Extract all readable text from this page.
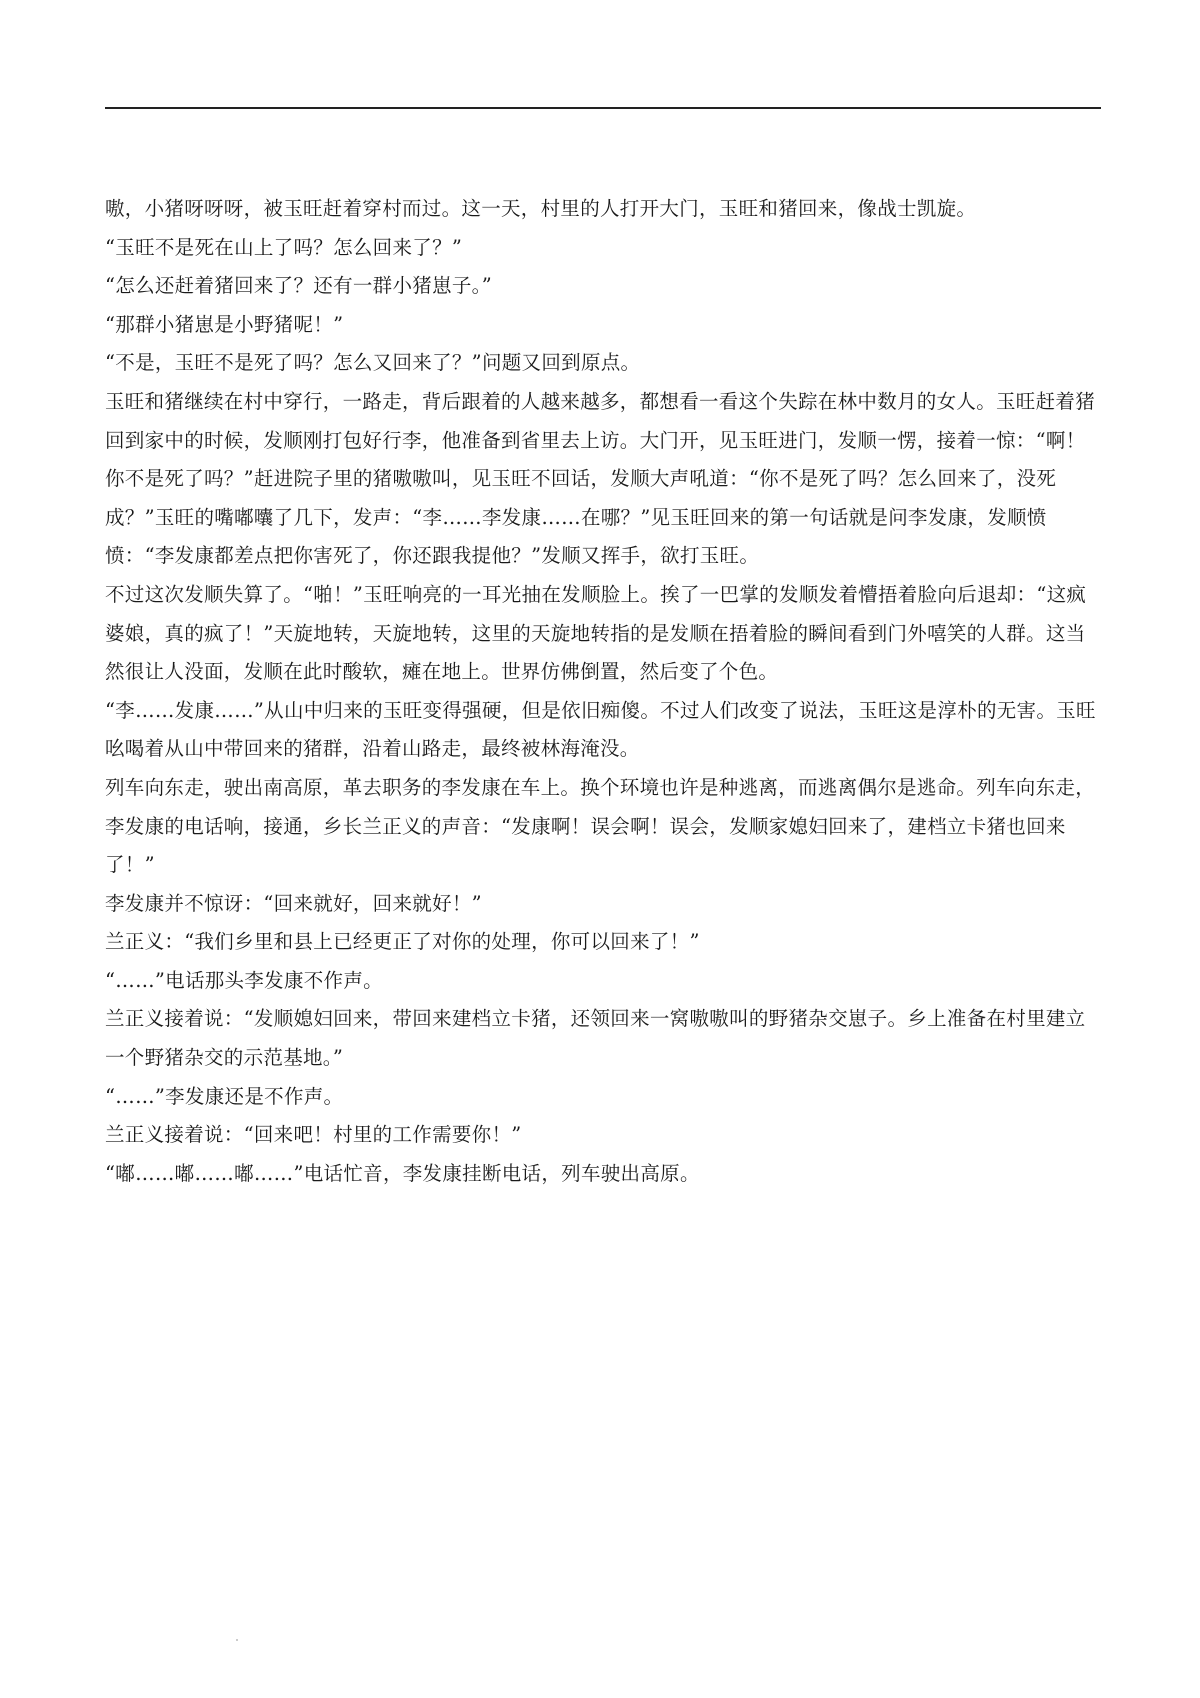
嗷，小猪呀呀呀，被玉旺赶着穿村而过。这一天，村里的人打开大门，玉旺和猪回来，像战士凯旋。

“玉旺不是死在山上了吗？怎么回来了？”

“怎么还赶着猪回来了？还有一群小猪崽子。”

“那群小猪崽是小野猪呢！”

“不是，玉旺不是死了吗？怎么又回来了？”问题又回到原点。

玉旺和猪继续在村中穿行，一路走，背后跟着的人越来越多，都想看一看这个失踪在林中数月的女人。玉旺赶着猪回到家中的时候，发顺刚打包好行李，他准备到省里去上访。大门开，见玉旺进门，发顺一愣，接着一惊：“啊！你不是死了吗？”赶进院子里的猪嗷嗷叫，见玉旺不回话，发顺大声吼道：“你不是死了吗？怎么回来了，没死成？”玉旺的嘴嘟囔了几下，发声：“李……李发康……在哪？”见玉旺回来的第一句话就是问李发康，发顺愤愤：“李发康都差点把你害死了，你还跟我提他？”发顺又挥手，欲打玉旺。

不过这次发顺失算了。“啪！”玉旺响亮的一耳光抽在发顺脸上。挨了一巴掌的发顺发着懵捂着脸向后退却：“这疯婆娘，真的疯了！”天旋地转，天旋地转，这里的天旋地转指的是发顺在捂着脸的瞬间看到门外嘻笑的人群。这当然很让人没面，发顺在此时酸软，瘫在地上。世界仿佛倒置，然后变了个色。

“李……发康……”从山中归来的玉旺变得强硬，但是依旧痴傻。不过人们改变了说法，玉旺这是淳朴的无害。玉旺吆喝着从山中带回来的猪群，沿着山路走，最终被林海淹没。

列车向东走，驶出南高原，革去职务的李发康在车上。换个环境也许是种逃离，而逃离偶尔是逃命。列车向东走，李发康的电话响，接通，乡长兰正义的声音：“发康啊！误会啊！误会，发顺家媳妇回来了，建档立卡猪也回来了！”

李发康并不惊讶：“回来就好，回来就好！”

兰正义：“我们乡里和县上已经更正了对你的处理，你可以回来了！”

“……”电话那头李发康不作声。

兰正义接着说：“发顺媳妇回来，带回来建档立卡猪，还领回来一窝嗷嗷叫的野猪杂交崽子。乡上准备在村里建立一个野猪杂交的示范基地。”

“……”李发康还是不作声。

兰正义接着说：“回来吧！村里的工作需要你！”

“嘟……嘟……嘟……”电话忙音，李发康挂断电话，列车驶出高原。
